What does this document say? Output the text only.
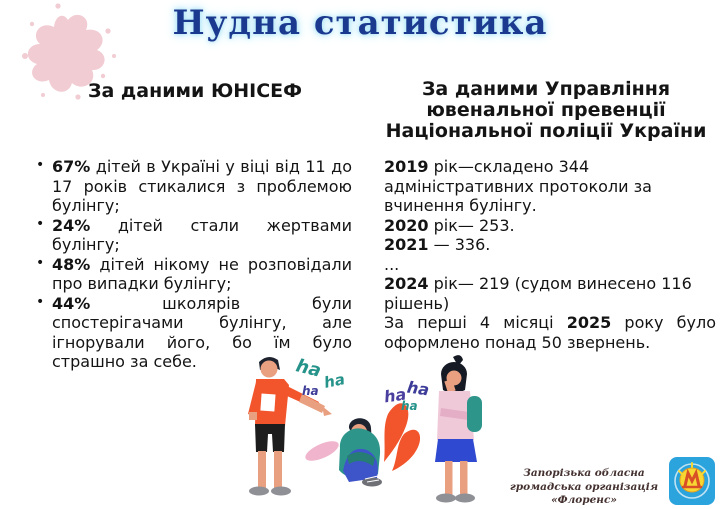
Нудна статистика
За даними ЮНІСЕФ
• 67% дітей в Україні у віці від 11 до 17 років стикалися з проблемою булінгу;
• 24% дітей стали жертвами булінгу;
• 48% дітей нікому не розповідали про випадки булінгу;
• 44%	школярів були спостерігачами булінгу, але ігнорували його, бо їм було страшно за себе.
За даними Управління
ювенальної превенції
Національної поліції України

2019 рік—складено 344 адміністративних протоколи за вчинення булінгу.

2020 рік— 253.

2021 — 336.

...

2024 рік— 219 (судом винесено 116 рішень)

За перші 4 місяці 2025 року було оформлено понад 50 звернень.

ha ha
ha	ha
ha
ha
Запорізька обласна
громадська організація
«Флоренс»
